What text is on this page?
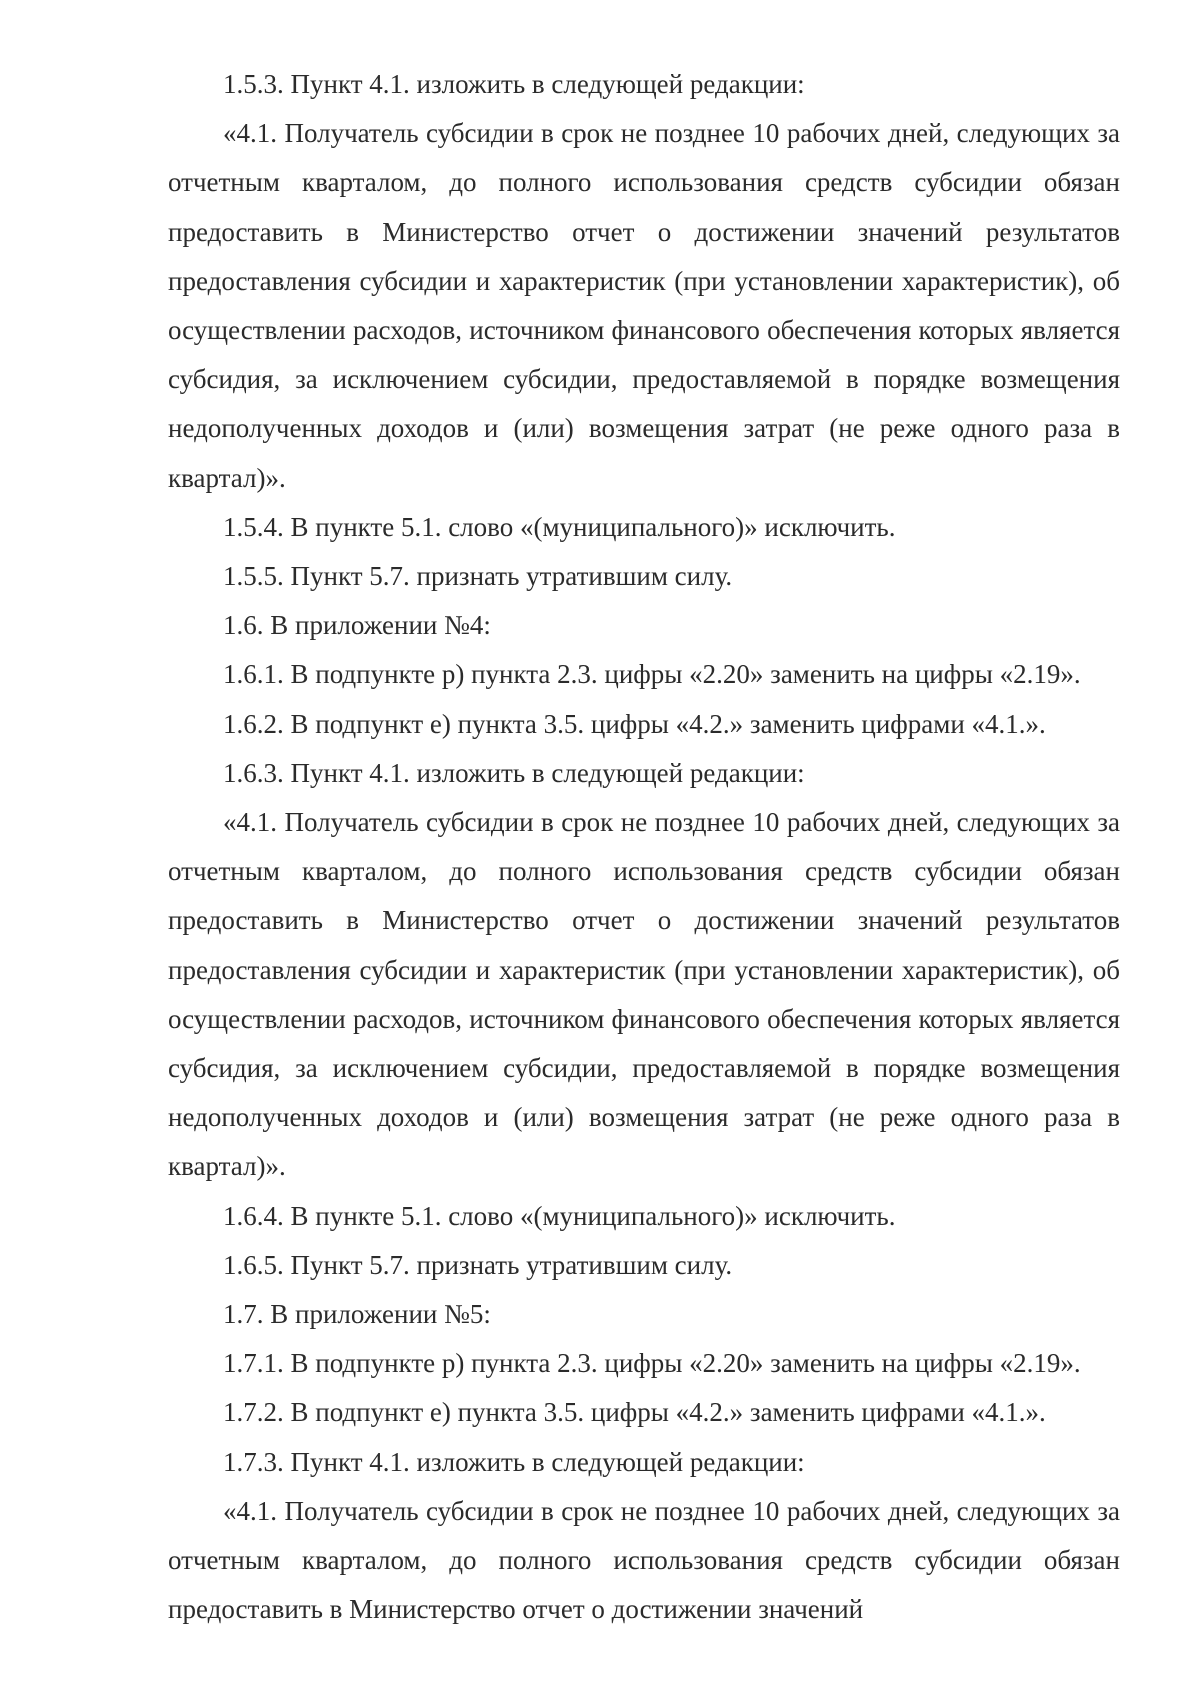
1.5.3. Пункт 4.1. изложить в следующей редакции:

«4.1. Получатель субсидии в срок не позднее 10 рабочих дней, следующих за отчетным кварталом, до полного использования средств субсидии обязан предоставить в Министерство отчет о достижении значений результатов предоставления субсидии и характеристик (при установлении характеристик), об осуществлении расходов, источником финансового обеспечения которых является субсидия, за исключением субсидии, предоставляемой в порядке возмещения недополученных доходов и (или) возмещения затрат (не реже одного раза в квартал)».

1.5.4. В пункте 5.1. слово «(муниципального)» исключить.

1.5.5. Пункт 5.7. признать утратившим силу.

1.6. В приложении №4:

1.6.1. В подпункте р) пункта 2.3. цифры «2.20» заменить на цифры «2.19».

1.6.2. В подпункт е) пункта 3.5. цифры «4.2.» заменить цифрами «4.1.».

1.6.3. Пункт 4.1. изложить в следующей редакции:

«4.1. Получатель субсидии в срок не позднее 10 рабочих дней, следующих за отчетным кварталом, до полного использования средств субсидии обязан предоставить в Министерство отчет о достижении значений результатов предоставления субсидии и характеристик (при установлении характеристик), об осуществлении расходов, источником финансового обеспечения которых является субсидия, за исключением субсидии, предоставляемой в порядке возмещения недополученных доходов и (или) возмещения затрат (не реже одного раза в квартал)».

1.6.4. В пункте 5.1. слово «(муниципального)» исключить.

1.6.5. Пункт 5.7. признать утратившим силу.

1.7. В приложении №5:

1.7.1. В подпункте р) пункта 2.3. цифры «2.20» заменить на цифры «2.19».

1.7.2. В подпункт е) пункта 3.5. цифры «4.2.» заменить цифрами «4.1.».

1.7.3. Пункт 4.1. изложить в следующей редакции:

«4.1. Получатель субсидии в срок не позднее 10 рабочих дней, следующих за отчетным кварталом, до полного использования средств субсидии обязан предоставить в Министерство отчет о достижении значений
